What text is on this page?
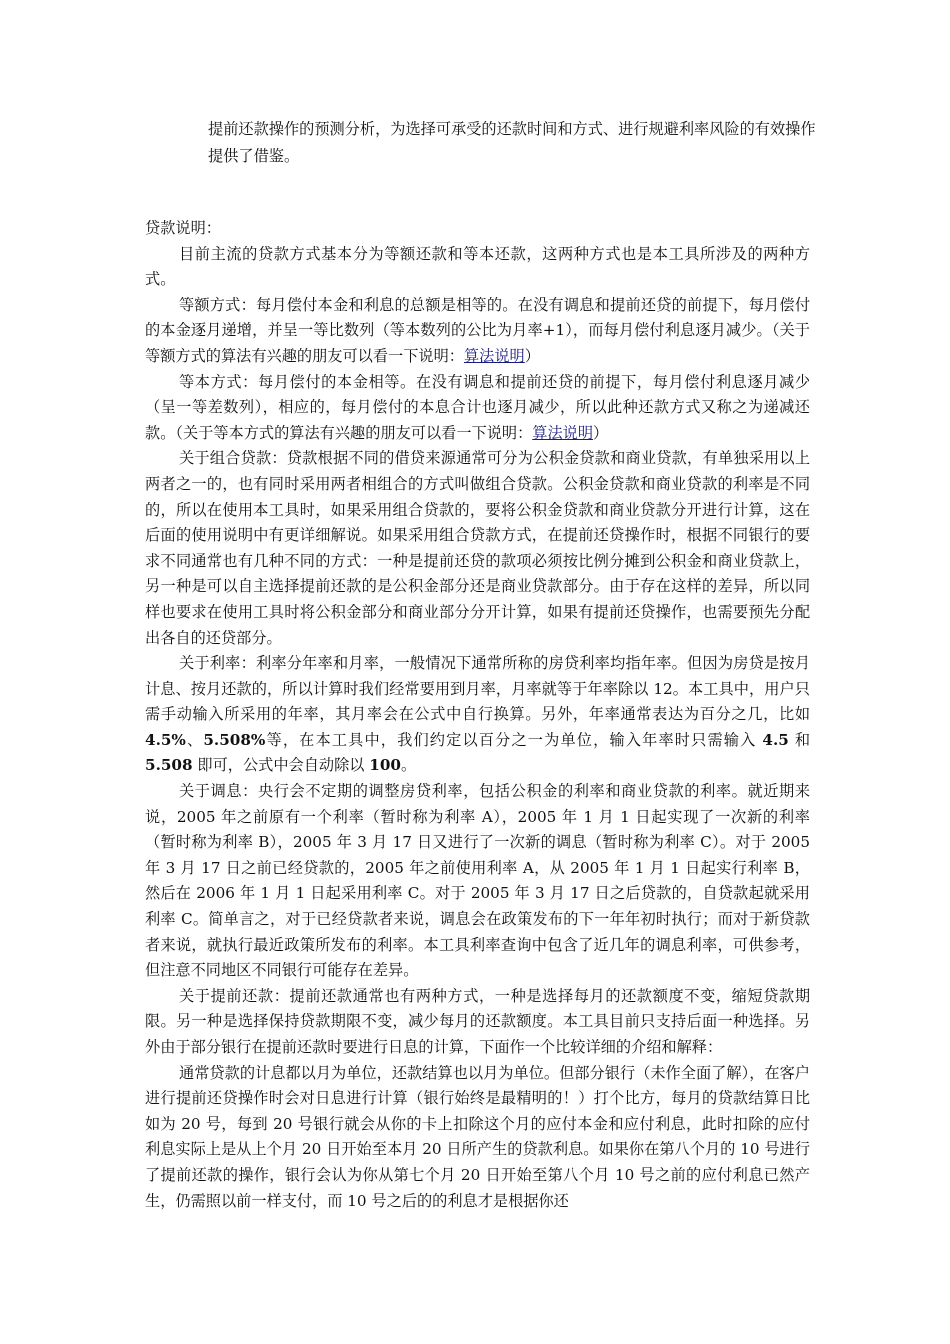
提前还款操作的预测分析，为选择可承受的还款时间和方式、进行规避利率风险的有效操作提供了借鉴。

贷款说明：

目前主流的贷款方式基本分为等额还款和等本还款，这两种方式也是本工具所涉及的两种方式。

等额方式：每月偿付本金和利息的总额是相等的。在没有调息和提前还贷的前提下，每月偿付的本金逐月递增，并呈一等比数列（等本数列的公比为月率+1），而每月偿付利息逐月减少。（关于等额方式的算法有兴趣的朋友可以看一下说明：算法说明）

等本方式：每月偿付的本金相等。在没有调息和提前还贷的前提下，每月偿付利息逐月减少（呈一等差数列），相应的，每月偿付的本息合计也逐月减少，所以此种还款方式又称之为递减还款。（关于等本方式的算法有兴趣的朋友可以看一下说明：算法说明）

关于组合贷款：贷款根据不同的借贷来源通常可分为公积金贷款和商业贷款，有单独采用以上两者之一的，也有同时采用两者相组合的方式叫做组合贷款。公积金贷款和商业贷款的利率是不同的，所以在使用本工具时，如果采用组合贷款的，要将公积金贷款和商业贷款分开进行计算，这在后面的使用说明中有更详细解说。如果采用组合贷款方式，在提前还贷操作时，根据不同银行的要求不同通常也有几种不同的方式：一种是提前还贷的款项必须按比例分摊到公积金和商业贷款上，另一种是可以自主选择提前还款的是公积金部分还是商业贷款部分。由于存在这样的差异，所以同样也要求在使用工具时将公积金部分和商业部分分开计算，如果有提前还贷操作，也需要预先分配出各自的还贷部分。

关于利率：利率分年率和月率，一般情况下通常所称的房贷利率均指年率。但因为房贷是按月计息、按月还款的，所以计算时我们经常要用到月率，月率就等于年率除以 12。本工具中，用户只需手动输入所采用的年率，其月率会在公式中自行换算。另外，年率通常表达为百分之几，比如 4.5%、5.508%等，在本工具中，我们约定以百分之一为单位，输入年率时只需输入 4.5 和 5.508 即可，公式中会自动除以 100。

关于调息：央行会不定期的调整房贷利率，包括公积金的利率和商业贷款的利率。就近期来说，2005 年之前原有一个利率（暂时称为利率 A），2005 年 1 月 1 日起实现了一次新的利率（暂时称为利率 B），2005 年 3 月 17 日又进行了一次新的调息（暂时称为利率 C）。对于 2005 年 3 月 17 日之前已经贷款的，2005 年之前使用利率 A，从 2005 年 1 月 1 日起实行利率 B，然后在 2006 年 1 月 1 日起采用利率 C。对于 2005 年 3 月 17 日之后贷款的，自贷款起就采用利率 C。简单言之，对于已经贷款者来说，调息会在政策发布的下一年年初时执行；而对于新贷款者来说，就执行最近政策所发布的利率。本工具利率查询中包含了近几年的调息利率，可供参考，但注意不同地区不同银行可能存在差异。

关于提前还款：提前还款通常也有两种方式，一种是选择每月的还款额度不变，缩短贷款期限。另一种是选择保持贷款期限不变，减少每月的还款额度。本工具目前只支持后面一种选择。另外由于部分银行在提前还款时要进行日息的计算，下面作一个比较详细的介绍和解释：

通常贷款的计息都以月为单位，还款结算也以月为单位。但部分银行（未作全面了解），在客户进行提前还贷操作时会对日息进行计算（银行始终是最精明的！）打个比方，每月的贷款结算日比如为 20 号，每到 20 号银行就会从你的卡上扣除这个月的应付本金和应付利息，此时扣除的应付利息实际上是从上个月 20 日开始至本月 20 日所产生的贷款利息。如果你在第八个月的 10 号进行了提前还款的操作，银行会认为你从第七个月 20 日开始至第八个月 10 号之前的应付利息已然产生，仍需照以前一样支付，而 10 号之后的的利息才是根据你还
